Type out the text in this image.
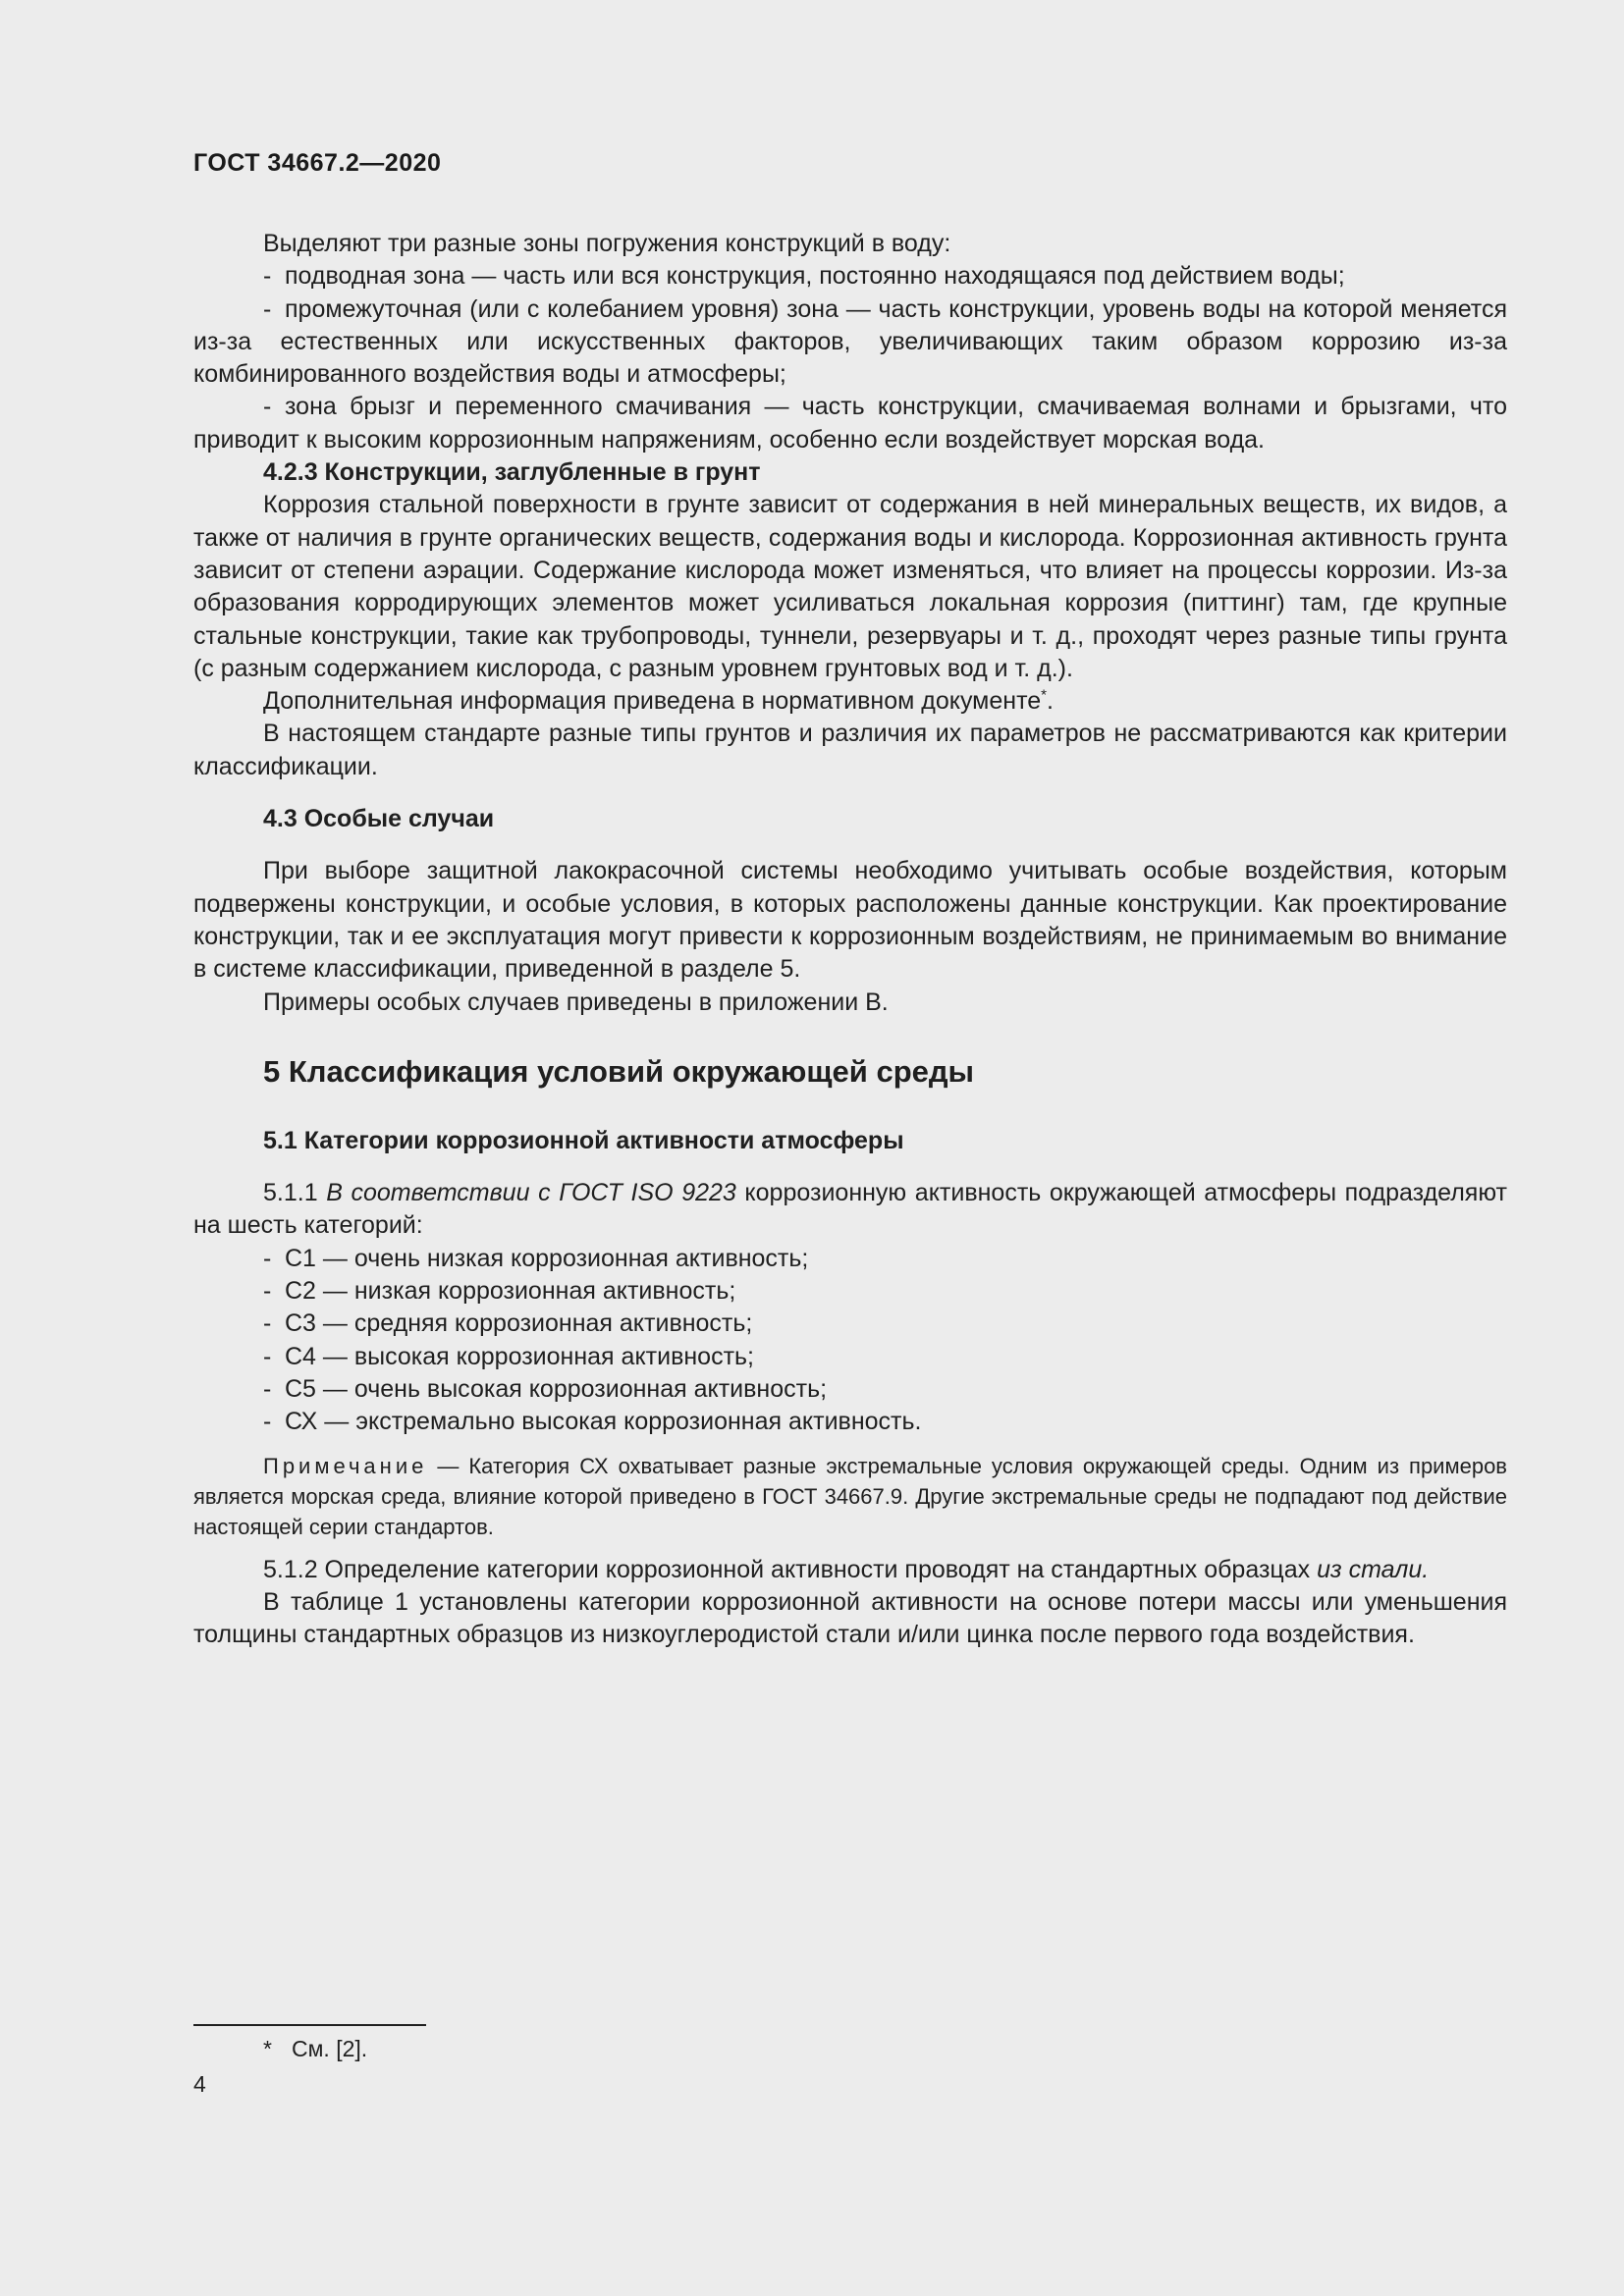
ГОСТ 34667.2—2020

Выделяют три разные зоны погружения конструкций в воду:

- подводная зона — часть или вся конструкция, постоянно находящаяся под действием воды;

- промежуточная (или с колебанием уровня) зона — часть конструкции, уровень воды на которой меняется из-за естественных или искусственных факторов, увеличивающих таким образом коррозию из-за комбинированного воздействия воды и атмосферы;

- зона брызг и переменного смачивания — часть конструкции, смачиваемая волнами и брызгами, что приводит к высоким коррозионным напряжениям, особенно если воздействует морская вода.

4.2.3 Конструкции, заглубленные в грунт

Коррозия стальной поверхности в грунте зависит от содержания в ней минеральных веществ, их видов, а также от наличия в грунте органических веществ, содержания воды и кислорода. Коррозионная активность грунта зависит от степени аэрации. Содержание кислорода может изменяться, что влияет на процессы коррозии. Из-за образования корродирующих элементов может усиливаться локальная коррозия (питтинг) там, где крупные стальные конструкции, такие как трубопроводы, туннели, резервуары и т. д., проходят через разные типы грунта (с разным содержанием кислорода, с разным уровнем грунтовых вод и т. д.).

Дополнительная информация приведена в нормативном документе*.

В настоящем стандарте разные типы грунтов и различия их параметров не рассматриваются как критерии классификации.

4.3 Особые случаи

При выборе защитной лакокрасочной системы необходимо учитывать особые воздействия, которым подвержены конструкции, и особые условия, в которых расположены данные конструкции. Как проектирование конструкции, так и ее эксплуатация могут привести к коррозионным воздействиям, не принимаемым во внимание в системе классификации, приведенной в разделе 5.

Примеры особых случаев приведены в приложении В.

5 Классификация условий окружающей среды
5.1 Категории коррозионной активности атмосферы

5.1.1 В соответствии с ГОСТ ISO 9223 коррозионную активность окружающей атмосферы подразделяют на шесть категорий:

- С1 — очень низкая коррозионная активность;

- С2 — низкая коррозионная активность;

- С3 — средняя коррозионная активность;

- С4 — высокая коррозионная активность;

- С5 — очень высокая коррозионная активность;

- СХ — экстремально высокая коррозионная активность.

Примечание — Категория СХ охватывает разные экстремальные условия окружающей среды. Одним из примеров является морская среда, влияние которой приведено в ГОСТ 34667.9. Другие экстремальные среды не подпадают под действие настоящей серии стандартов.

5.1.2 Определение категории коррозионной активности проводят на стандартных образцах из стали.

В таблице 1 установлены категории коррозионной активности на основе потери массы или уменьшения толщины стандартных образцов из низкоуглеродистой стали и/или цинка после первого года воздействия.

* См. [2].
4
